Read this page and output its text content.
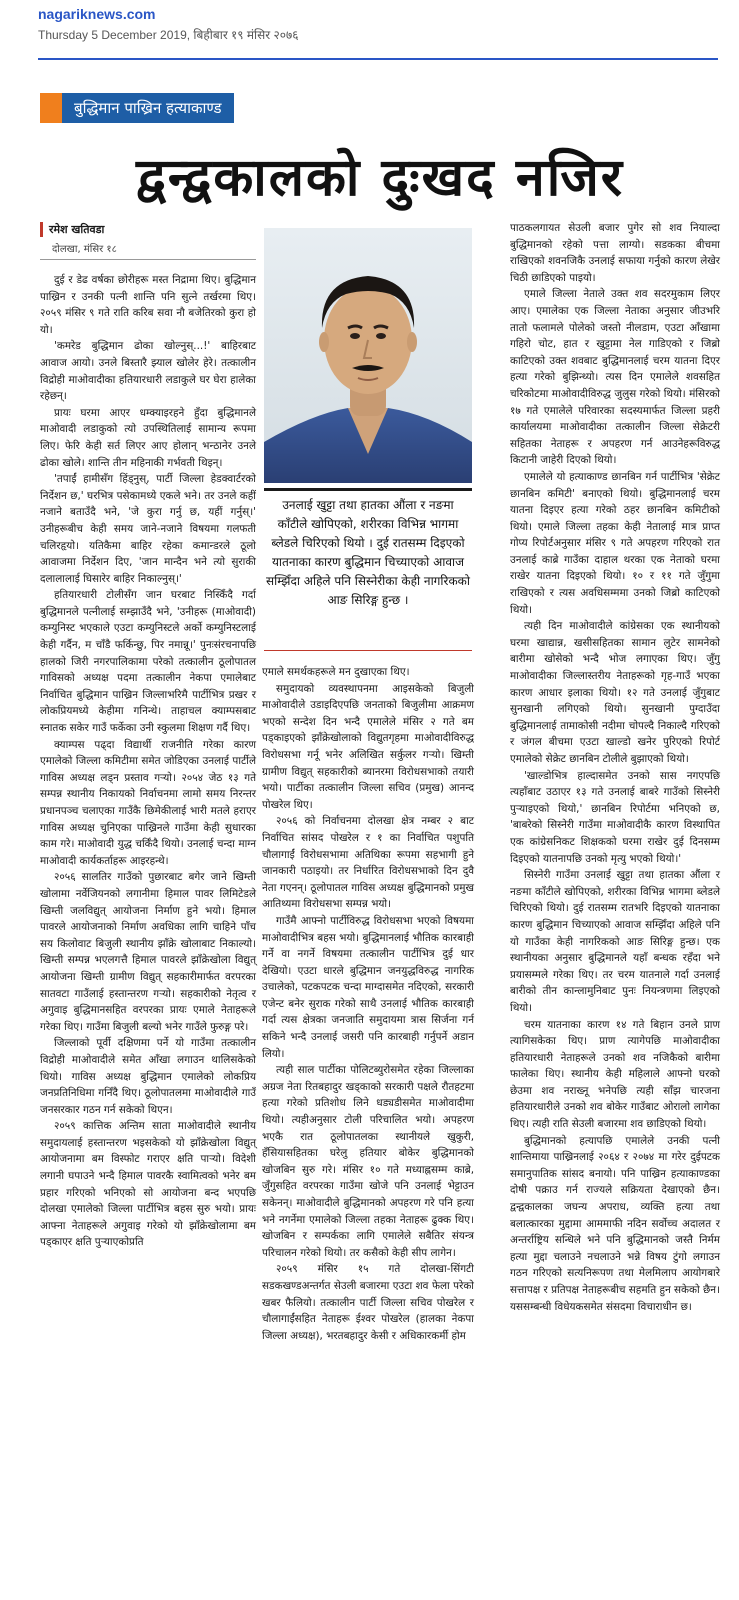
nagariknews.com
Thursday 5 December 2019, बिहीबार १९ मंसिर २०७६
बुद्धिमान पाख्रिन हत्याकाण्ड
द्वन्द्वकालको दुःखद नजिर
रमेश खतिवडा
दोलखा, मंसिर १८

दुई र डेढ वर्षका छोरीहरू मस्त निद्रामा थिए। बुद्धिमान पाख्रिन र उनकी पत्नी शान्ति पनि सुत्ने तर्खरमा थिए। २०५९ मंसिर ९ गते राति करिब सवा नौ बजेतिरको कुरा हो यो।

'कमरेड बुद्धिमान ढोका खोल्नुस्...!' बाहिरबाट आवाज आयो। उनले बिस्तारै झ्याल खोलेर हेरे। तत्कालीन विद्रोही माओवादीका हतियारधारी लडाकुले घर घेरा हालेका रहेछन्।

प्रायः घरमा आएर धम्क्याइरहने हुँदा बुद्धिमानले माओवादी लडाकुको त्यो उपस्थितिलाई सामान्य रूपमा लिए। फेरि केही सर्त लिएर आए होलान् भन्ठानेर उनले ढोका खोले। शान्ति तीन महिनाकी गर्भवती थिइन्।

'तपाईं हामीसँग हिंड्नुस्, पार्टी जिल्ला हेडक्वार्टरको निर्देशन छ,' घरभित्र पसेकामध्ये एकले भने। तर उनले कहीं नजाने बताउँदै भने, 'जे कुरा गर्नु छ, यहीं गर्नुस्।' उनीहरूबीच केही समय जाने-नजाने विषयमा गलफती चलिरहृयो। यतिकैमा बाहिर रहेका कमान्डरले ठूलो आवाजमा निर्देशन दिए, 'जान मान्दैन भने त्यो सुराकी दलालालाई घिसारेर बाहिर निकाल्नुस्।'

हतियारधारी टोलीसँग जान घरबाट निस्किँदै गर्दा बुद्धिमानले पत्नीलाई सम्झाउँदै भने, 'उनीहरू (माओवादी) कम्युनिस्ट भएकाले एउटा कम्युनिस्टले अर्को कम्युनिस्टलाई केही गर्दैन, म चाँडै फर्किन्छु, पिर नमान्नू।' पुनःसंरचनापछि हालको जिरी नगरपालिकामा परेको तत्कालीन ठूलोपातल गाविसको अध्यक्ष पदमा तत्कालीन नेकपा एमालेबाट निर्वाचित बुद्धिमान पाख्रिन जिल्लाभरिमै पार्टीभित्र प्रखर र लोकप्रियमध्ये केहीमा गनिन्थे। ताहाचल क्याम्पसबाट स्नातक सकेर गाउँ फर्केका उनी स्कुलमा शिक्षण गर्दै थिए।

क्याम्पस पढ्दा विद्यार्थी राजनीति गरेका कारण एमालेको जिल्ला कमिटीमा समेत जोडिएका उनलाई पार्टीले गाविस अध्यक्ष लड्न प्रस्ताव गर्‍यो। २०५४ जेठ १३ गते सम्पन्न स्थानीय निकायको निर्वाचनमा लामो समय निरन्तर प्रधानपञ्च चलाएका गाउँकै छिमेकीलाई भारी मतले हराएर गाविस अध्यक्ष चुनिएका पाख्रिनले गाउँमा केही सुधारका काम गरे। माओवादी युद्ध चर्किंदै थियो। उनलाई चन्दा माग्न माओवादी कार्यकर्ताहरू आइरहन्थे।

२०५६ सालतिर गाउँको पुछारबाट बगेर जाने खिम्ती खोलामा नर्वेजियनको लगानीमा हिमाल पावर लिमिटेडले खिम्ती जलविद्युत् आयोजना निर्माण हुने भयो। हिमाल पावरले आयोजनाको निर्माण अवधिका लागि चाहिने पाँच सय किलोवाट बिजुली स्थानीय झाँक्रे खोलाबाट निकाल्यो। खिम्ती सम्पन्न भएलगत्तै हिमाल पावरले झाँक्रेखोला विद्युत् आयोजना खिम्ती ग्रामीण विद्युत् सहकारीमार्फत वरपरका सातवटा गाउँलाई हस्तान्तरण गर्‍यो। सहकारीको नेतृत्व र अगुवाइ बुद्धिमानसहित वरपरका प्रायः एमाले नेताहरूले गरेका थिए। गाउँमा बिजुली बल्यो भनेर गाउँले फुरुङ्ग परे।

जिल्लाको पूर्वी दक्षिणमा पर्ने यो गाउँमा तत्कालीन विद्रोही माओवादीले समेत आँखा लगाउन थालिसकेको थियो। गाविस अध्यक्ष बुद्धिमान एमालेको लोकप्रिय जनप्रतिनिधिमा गनिँदै थिए। ठूलोपातलमा माओवादीले गाउँ जनसरकार गठन गर्न सकेको थिएन।

२०५९ कात्तिक अन्तिम साता माओवादीले स्थानीय समुदायलाई हस्तान्तरण भइसकेको यो झाँक्रेखोला विद्युत् आयोजनामा बम विस्फोट गराएर क्षति पार्‍यो। विदेशी लगानी घपाउने भन्दै हिमाल पावरकै स्वामित्वको भनेर बम प्रहार गरिएको भनिएको सो आयोजना बन्द भएपछि दोलखा एमालेको जिल्ला पार्टीभित्र बहस सुरु भयो। प्रायः आफ्ना नेताहरूले अगुवाइ गरेको यो झाँक्रेखोलामा बम पड्काएर क्षति पुऱ्याएकोप्रति

उनलाई खुट्टा तथा हातका औंला र नङमा काँटीले खोपिएको, शरीरका विभिन्न भागमा ब्लेडले चिरिएको थियो । दुई रातसम्म दिइएको यातनाका कारण बुद्धिमान चिच्याएको आवाज सम्झिँदा अहिले पनि सिस्नेरीका केही नागरिकको आङ सिरिङ्ग हुन्छ ।

एमाले समर्थकहरूले मन दुखाएका थिए।

समुदायको व्यवस्थापनमा आइसकेको बिजुली माओवादीले उडाइदिएपछि जनताको बिजुलीमा आक्रमण भएको सन्देश दिन भन्दै एमालेले मंसिर २ गते बम पड्काइएको झाँक्रेखोलाको विद्युतगृहमा माओवादीविरुद्ध विरोधसभा गर्नू भनेर अलिखित सर्कुलर गर्‍यो। खिम्ती ग्रामीण विद्युत् सहकारीको ब्यानरमा विरोधसभाको तयारी भयो। पार्टीका तत्कालीन जिल्ला सचिव (प्रमुख) आनन्द पोखरेल थिए।

२०५६ को निर्वाचनमा दोलखा क्षेत्र नम्बर २ बाट निर्वाचित सांसद पोखरेल र १ का निर्वाचित पशुपति चौलागाईं विरोधसभामा अतिथिका रूपमा सहभागी हुने जानकारी पठाइयो। तर निर्धारित विरोधसभाको दिन दुवै नेता गएनन्। ठूलोपातल गाविस अध्यक्ष बुद्धिमानको प्रमुख आतिथ्यमा विरोधसभा सम्पन्न भयो।

गाउँमै आफ्नो पार्टीविरुद्ध विरोधसभा भएको विषयमा माओवादीभित्र बहस भयो। बुद्धिमानलाई भौतिक कारबाही गर्ने वा नगर्ने विषयमा तत्कालीन पार्टीभित्र दुई धार देखियो। एउटा धारले बुद्धिमान जनयुद्धविरुद्ध नागरिक उचालेको, पटकपटक चन्दा माग्दासमेत नदिएको, सरकारी एजेन्ट बनेर सुराक गरेको साथै उनलाई भौतिक कारबाही गर्दा त्यस क्षेत्रका जनजाति समुदायमा त्रास सिर्जना गर्न सकिने भन्दै उनलाई जसरी पनि कारबाही गर्नुपर्ने अडान लियो।

त्यही साल पार्टीका पोलिटब्युरोसमेत रहेका जिल्लाका अग्रज नेता रितबहादुर खड्काको सरकारी पक्षले रौतहटमा हत्या गरेको प्रतिशोध लिने धड्यडीसमेत माओवादीमा थियो। त्यहीअनुसार टोली परिचालित भयो। अपहरण भएकै रात ठूलोपातलका स्थानीयले खुकुरी, हँसियासहितका घरेलु हतियार बोकेर बुद्धिमानको खोजबिन सुरु गरे। मंसिर १० गते मध्याह्नसम्म काब्रे, जुँगुसहित वरपरका गाउँमा खोजे पनि उनलाई भेट्टाउन सकेनन्। माओवादीले बुद्धिमानको अपहरण गरे पनि हत्या भने नगर्नेमा एमालेको जिल्ला तहका नेताहरू ढुक्क थिए। खोजबिन र सम्पर्कका लागि एमालेले सबैतिर संयन्त्र परिचालन गरेको थियो। तर कसैको केही सीप लागेन।

२०५९ मंसिर १५ गते दोलखा-सिंगटी सडकखण्डअन्तर्गत सेउली बजारमा एउटा शव फेला परेको खबर फैलियो। तत्कालीन पार्टी जिल्ला सचिव पोखरेल र चौलागाईंसहित नेताहरू ईश्वर पोखरेल (हालका नेकपा जिल्ला अध्यक्ष), भरतबहादुर केसी र अधिकारकर्मी होम

पाठकलगायत सेउली बजार पुगेर सो शव नियाल्दा बुद्धिमानको रहेको पत्ता लाग्यो। सडकका बीचमा राखिएको शवनजिकै उनलाई सफाया गर्नुको कारण लेखेर चिठी छाडिएको पाइयो।

एमाले जिल्ला नेताले उक्त शव सदरमुकाम लिएर आए। एमालेका एक जिल्ला नेताका अनुसार जीउभरि तातो फलामले पोलेको जस्तो नीलडाम, एउटा आँखामा गहिरो चोट, हात र खुट्टामा नेल गाडिएको र जिब्रो काटिएको उक्त शवबाट बुद्धिमानलाई चरम यातना दिएर हत्या गरेको बुझिन्थ्यो। त्यस दिन एमालेले शवसहित चरिकोटमा माओवादीविरुद्ध जुलुस गरेको थियो। मंसिरको १७ गते एमालेले परिवारका सदस्यमार्फत जिल्ला प्रहरी कार्यालयमा माओवादीका तत्कालीन जिल्ला सेक्रेटरी सहितका नेताहरू र अपहरण गर्न आउनेहरूविरुद्ध किटानी जाहेरी दिएको थियो।

एमालेले यो हत्याकाण्ड छानबिन गर्न पार्टीभित्र 'सेक्रेट छानबिन कमिटी' बनाएको थियो। बुद्धिमानलाई चरम यातना दिइएर हत्या गरेको ठहर छानबिन कमिटीको थियो। एमाले जिल्ला तहका केही नेतालाई मात्र प्राप्त गोप्य रिपोर्टअनुसार मंसिर ९ गते अपहरण गरिएको रात उनलाई काब्रे गाउँका दाहाल थरका एक नेताको घरमा राखेर यातना दिइएको थियो। १० र ११ गते जुँगुमा राखिएको र त्यस अवधिसम्ममा उनको जिब्रो काटिएको थियो।

त्यही दिन माओवादीले कांग्रेसका एक स्थानीयको घरमा खाद्यान्न, खसीसहितका सामान लुटेर सामनेको बारीमा खोसेको भन्दै भोज लगाएका थिए। जुँगु माओवादीका जिल्लास्तरीय नेताहरूको गृह-गाउँ भएका कारण आधार इलाका थियो। १२ गते उनलाई जुँगुबाट सुनखानी लगिएको थियो। सुनखानी पुग्दाउँदा बुद्धिमानलाई तामाकोसी नदीमा चोपल्दै निकाल्दै गरिएको र जंगल बीचमा एउटा खाल्डो खनेर पुरिएको रिपोर्ट एमालेको सेक्रेट छानबिन टोलीले बुझाएको थियो।

'खाल्डोभित्र हाल्दासमेत उनको सास नगएपछि त्यहाँबाट उठाएर १३ गते उनलाई बाबरे गाउँको सिस्नेरी पुऱ्याइएको थियो,' छानबिन रिपोर्टमा भनिएको छ, 'बाबरेको सिस्नेरी गाउँमा माओवादीकै कारण विस्थापित एक कांग्रेसनिकट शिक्षकको घरमा राखेर दुई दिनसम्म दिइएको यातनापछि उनको मृत्यु भएको थियो।'

सिस्नेरी गाउँमा उनलाई खुट्टा तथा हातका औंला र नङमा काँटीले खोपिएको, शरीरका विभिन्न भागमा ब्लेडले चिरिएको थियो। दुई रातसम्म रातभरि दिइएको यातनाका कारण बुद्धिमान चिच्याएको आवाज सम्झिँदा अहिले पनि यो गाउँका केही नागरिकको आङ सिरिङ्ग हुन्छ। एक स्थानीयका अनुसार बुद्धिमानले यहाँ बन्धक रहँदा भने प्रयासम्मले गरेका थिए। तर चरम यातनाले गर्दा उनलाई बारीको तीन कान्लामुनिबाट पुनः नियन्त्रणमा लिइएको थियो।

चरम यातनाका कारण १४ गते बिहान उनले प्राण त्यागिसकेका थिए। प्राण त्यागेपछि माओवादीका हतियारधारी नेताहरूले उनको शव नजिकैको बारीमा फालेका थिए। स्थानीय केही महिलाले आफ्नो घरको छेउमा शव नराख्नू भनेपछि त्यही साँझ चारजना हतियारधारीले उनको शव बोकेर गाउँबाट ओरालो लागेका थिए। त्यही राति सेउली बजारमा शव छाडिएको थियो।

बुद्धिमानको हत्यापछि एमालेले उनकी पत्नी शान्तिमाया पाख्रिनलाई २०६४ र २०७४ मा गरेर दुईपटक समानुपातिक सांसद बनायो। पनि पाख्रिन हत्याकाण्डका दोषी पक्राउ गर्न राज्यले सक्रियता देखाएको छैन। द्वन्द्वकालका जघन्य अपराध, व्यक्ति हत्या तथा बलात्कारका मुद्दामा आममाफी नदिन सर्वोच्च अदालत र अन्तर्राष्ट्रिय सन्धिले भने पनि बुद्धिमानको जस्तै निर्मम हत्या मुद्दा चलाउने नचलाउने भन्ने विषय टुंगो लगाउन गठन गरिएको सत्यनिरूपण तथा मेलमिलाप आयोगबारे सत्तापक्ष र प्रतिपक्ष नेताहरूबीच सहमति हुन सकेको छैन। यससम्बन्धी विधेयकसमेत संसदमा विचाराधीन छ।
